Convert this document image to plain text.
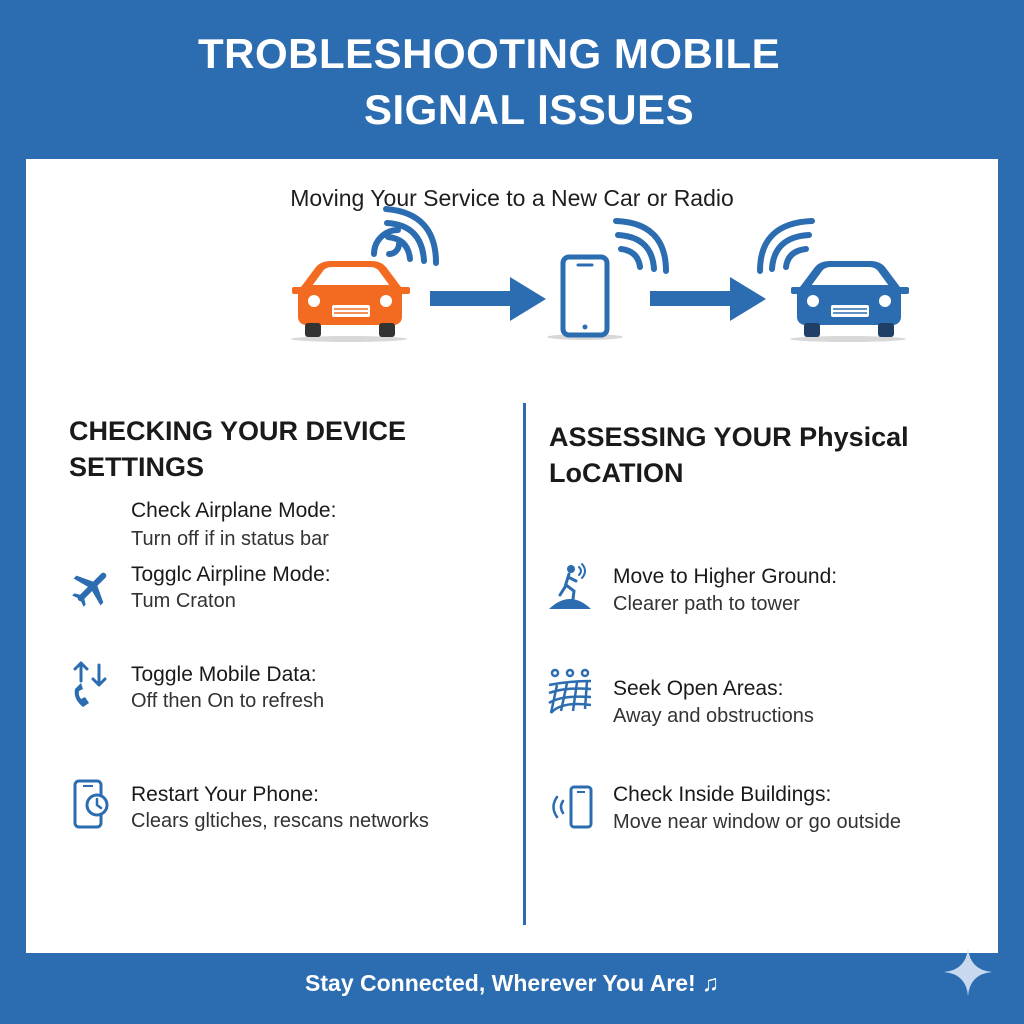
TROBLESHOOTING MOBILE
SIGNAL ISSUES
Moving Your Service to a New Car or Radio
CHECKING YOUR DEVICE SETTINGS
Check Airplane Mode:
Turn off if in status bar
Togglc Airpline Mode:
Tum Craton
Toggle Mobile Data:
Off then On to refresh
Restart Your Phone:
Clears gltiches, rescans networks
ASSESSING YOUR Physical LoCATION
Move to Higher Ground:
Clearer path to tower
Seek Open Areas:
Away and obstructions
Check Inside Buildings:
Move near window or go outside
Stay Connected, Wherever You Are! ♫
